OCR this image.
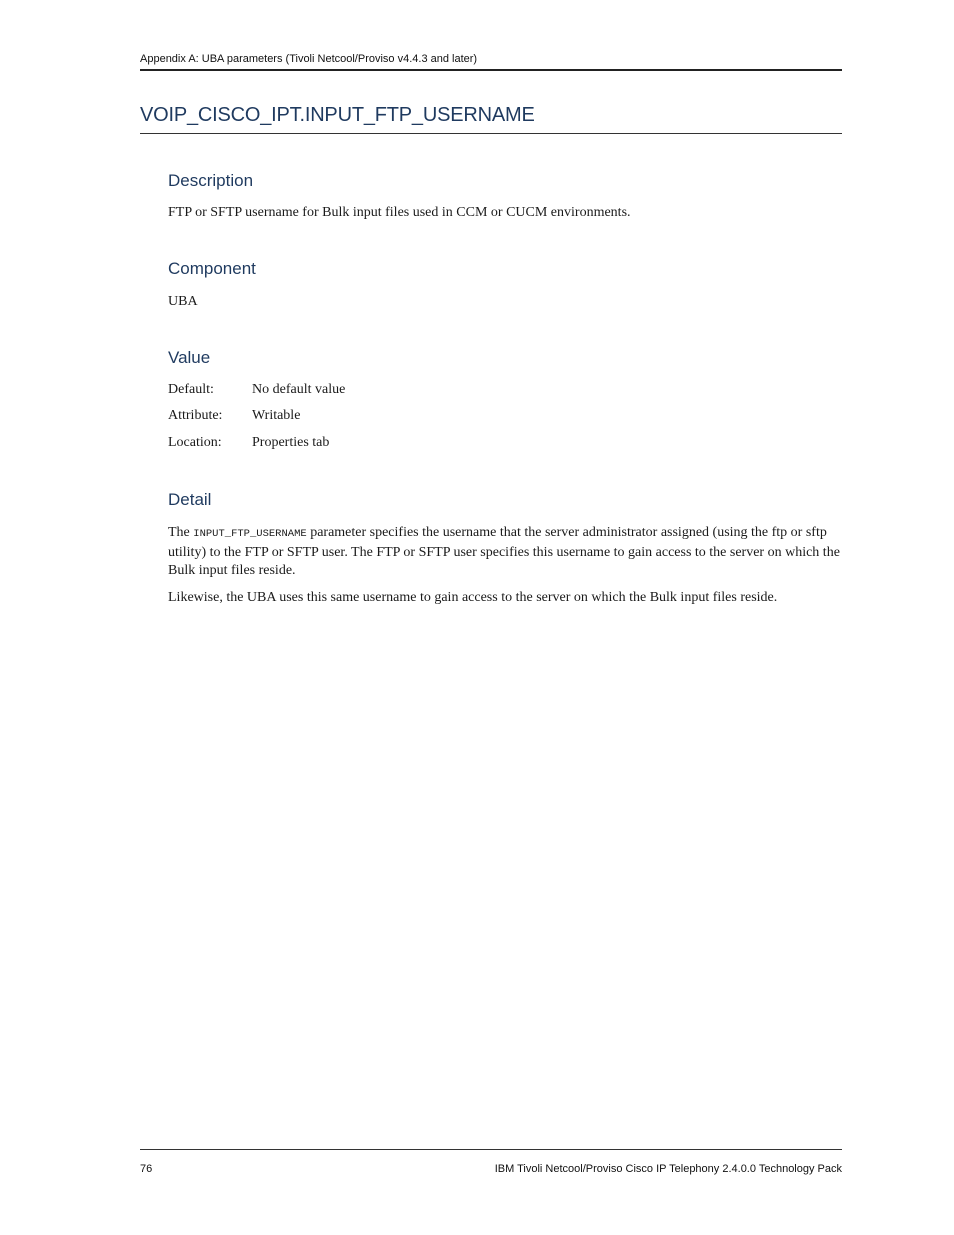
Appendix A: UBA parameters (Tivoli Netcool/Proviso v4.4.3 and later)
VOIP_CISCO_IPT.INPUT_FTP_USERNAME
Description
FTP or SFTP username for Bulk input files used in CCM or CUCM environments.
Component
UBA
Value
Default:	No default value
Attribute: Writable
Location: Properties tab
Detail
The INPUT_FTP_USERNAME parameter specifies the username that the server administrator assigned (using the ftp or sftp utility) to the FTP or SFTP user. The FTP or SFTP user specifies this username to gain access to the server on which the Bulk input files reside.
Likewise, the UBA uses this same username to gain access to the server on which the Bulk input files reside.
76	IBM Tivoli Netcool/Proviso Cisco IP Telephony 2.4.0.0 Technology Pack
